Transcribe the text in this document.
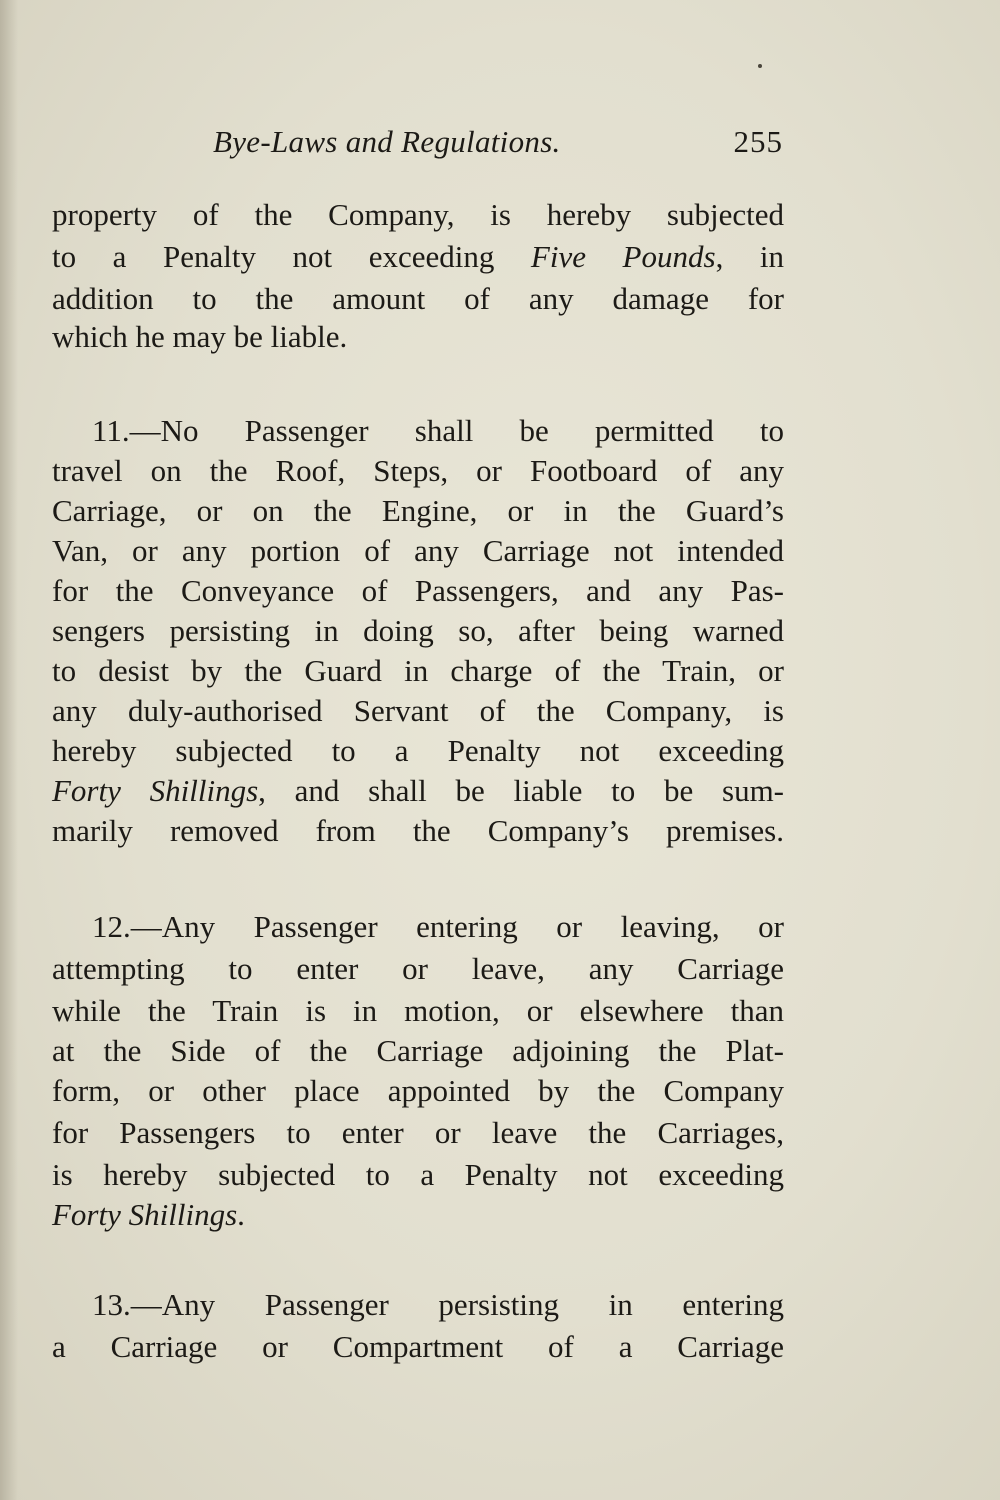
Bye-Laws and Regulations.	255
property of the Company, is hereby subjected
to a Penalty not exceeding Five Pounds, in
addition to the amount of any damage for
which he may be liable.
11.—No Passenger shall be permitted to
travel on the Roof, Steps, or Footboard of any
Carriage, or on the Engine, or in the Guard’s
Van, or any portion of any Carriage not intended
for the Conveyance of Passengers, and any Pas-
sengers persisting in doing so, after being warned
to desist by the Guard in charge of the Train, or
any duly-authorised Servant of the Company, is
hereby subjected to a Penalty not exceeding
Forty Shillings, and shall be liable to be sum-
marily removed from the Company’s premises.
12.—Any Passenger entering or leaving, or
attempting to enter or leave, any Carriage
while the Train is in motion, or elsewhere than
at the Side of the Carriage adjoining the Plat-
form, or other place appointed by the Company
for Passengers to enter or leave the Carriages,
is hereby subjected to a Penalty not exceeding
Forty Shillings.
13.—Any Passenger persisting in entering
a Carriage or Compartment of a Carriage
